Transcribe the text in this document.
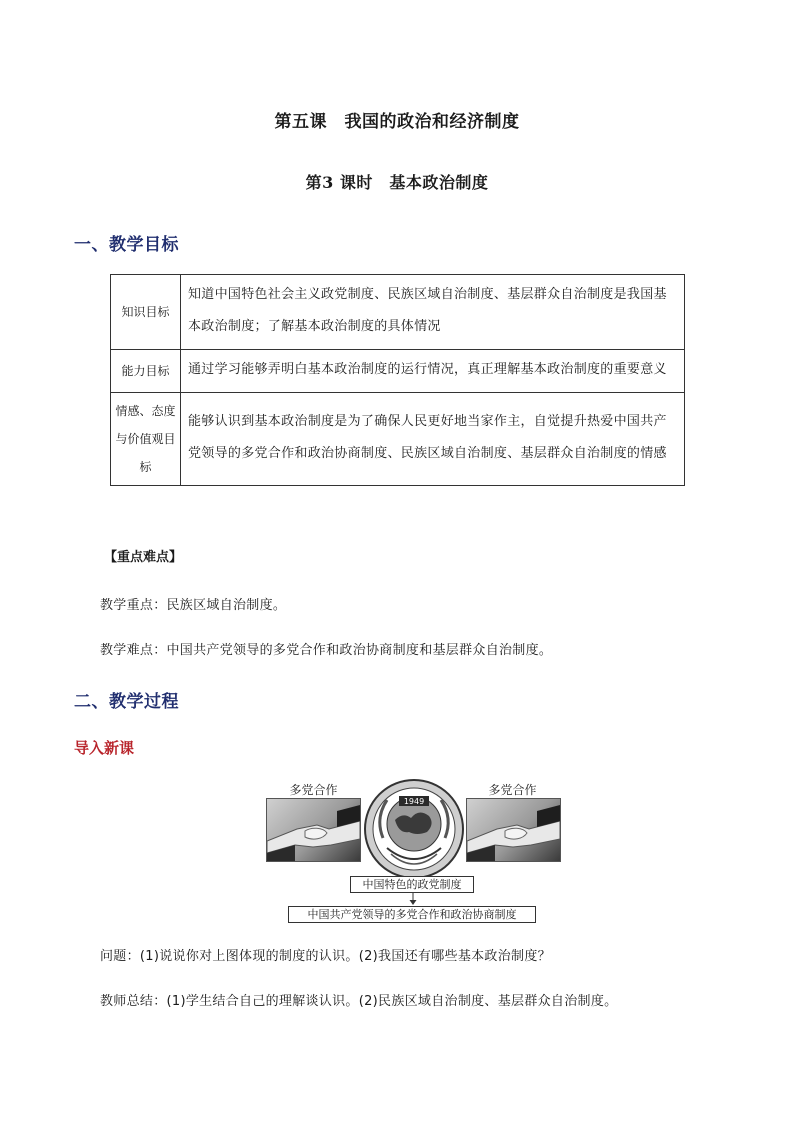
第五课　我国的政治和经济制度
第3 课时　基本政治制度
一、教学目标
知识目标	知道中国特色社会主义政党制度、民族区域自治制度、基层群众自治制度是我国基本政治制度；了解基本政治制度的具体情况
能力目标	通过学习能够弄明白基本政治制度的运行情况，真正理解基本政治制度的重要意义
情感、态度与价值观目标	能够认识到基本政治制度是为了确保人民更好地当家作主，自觉提升热爱中国共产党领导的多党合作和政治协商制度、民族区域自治制度、基层群众自治制度的情感
【重点难点】
教学重点：民族区域自治制度。
教学难点：中国共产党领导的多党合作和政治协商制度和基层群众自治制度。
二、教学过程
导入新课
多党合作
1949
多党合作
中国特色的政党制度
中国共产党领导的多党合作和政治协商制度
问题：(1)说说你对上图体现的制度的认识。(2)我国还有哪些基本政治制度？
教师总结：(1)学生结合自己的理解谈认识。(2)民族区域自治制度、基层群众自治制度。
